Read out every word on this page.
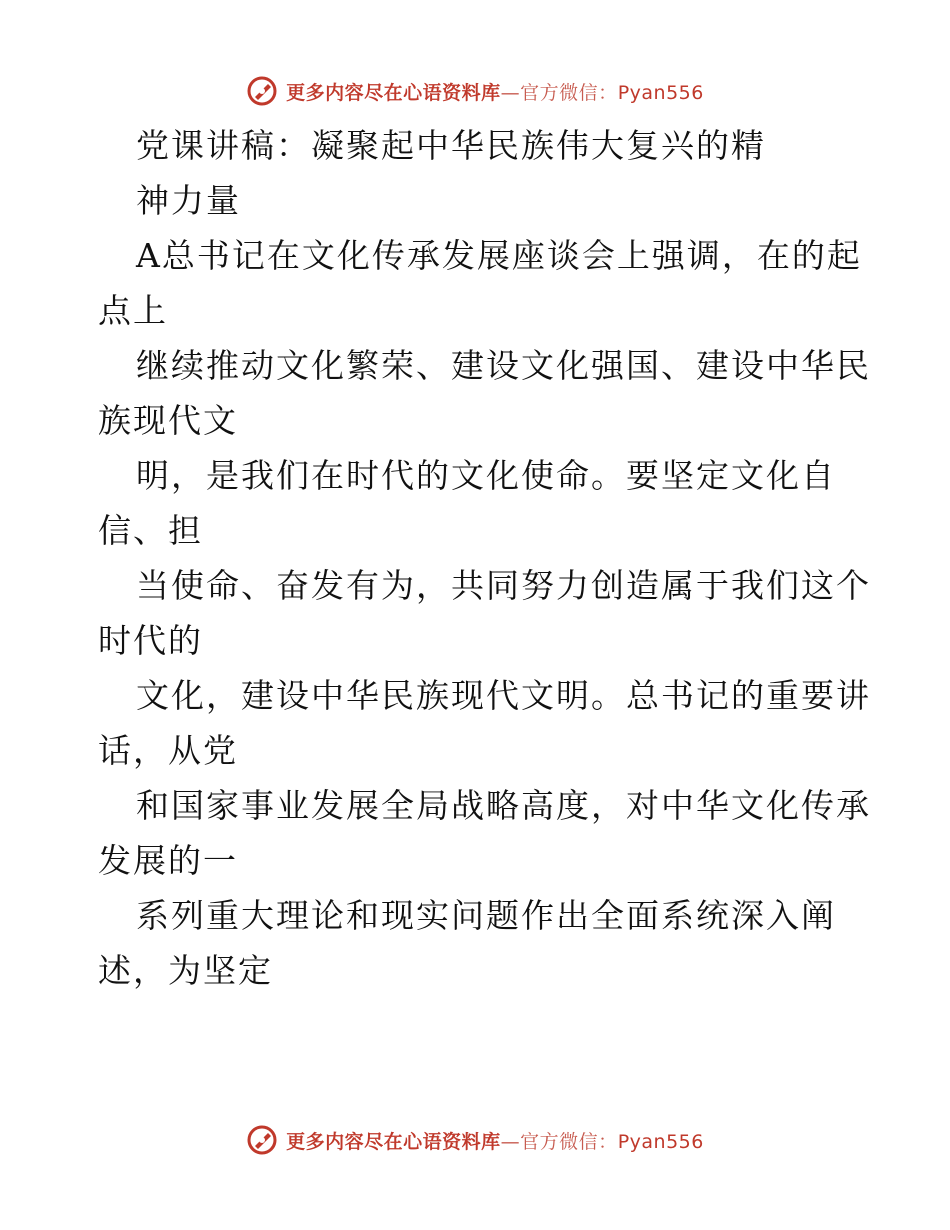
更多内容尽在心语资料库—官方微信：Pyan556
党课讲稿：凝聚起中华民族伟大复兴的精
神力量
A总书记在文化传承发展座谈会上强调，在的起
点上
继续推动文化繁荣、建设文化强国、建设中华民
族现代文
明，是我们在时代的文化使命。要坚定文化自
信、担
当使命、奋发有为，共同努力创造属于我们这个
时代的
文化，建设中华民族现代文明。总书记的重要讲
话，从党
和国家事业发展全局战略高度，对中华文化传承
发展的一
系列重大理论和现实问题作出全面系统深入阐
述，为坚定
更多内容尽在心语资料库—官方微信：Pyan556
